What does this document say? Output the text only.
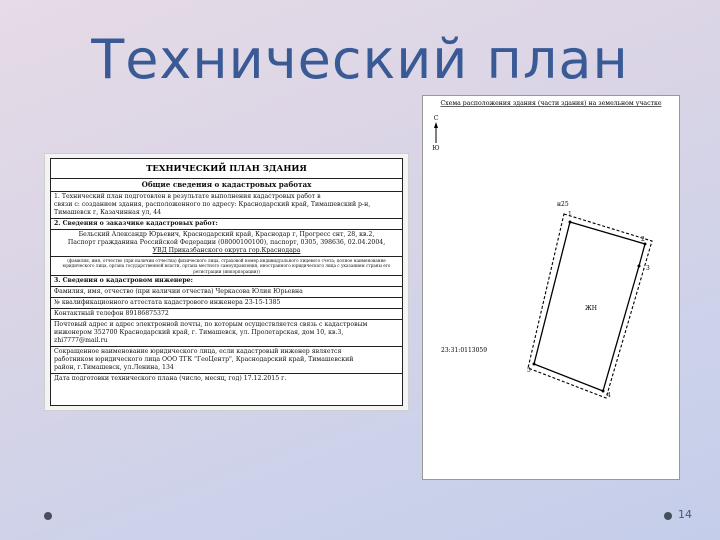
Технический план
ТЕХНИЧЕСКИЙ ПЛАН ЗДАНИЯ
Общие сведения о кадастровых работах
1. Технический план подготовлен в результате выполнения кадастровых работ в
связи с: созданием здания, расположенного по адресу: Краснодарский край, Тимашевский р-н,
Тимашевск г, Казачинная ул, 44
2. Сведения о заказчике кадастровых работ:
Бельский Александр Юрьевич, Краснодарский край, Краснодар г, Прогресс снт, 28, кв.2,
Паспорт гражданина Российской Федерации (08000100100), паспорт, 0305, 398636, 02.04.2004,
УВД Приказбанского округа гор.Краснодара
(фамилия, имя, отчество (при наличии отчества) физического лица, страховой номер индивидуального лицевого счета; полное наименование юридического лица, органа государственной власти, органа местного самоуправления, иностранного юридического лица с указанием страны его регистрации (инкорпорации))
3. Сведения о кадастровом инженере:
Фамилия, имя, отчество (при наличии отчества) Черкасова Юлия Юрьевна
№ квалификационного аттестата кадастрового инженера 23-15-1385
Контактный телефон 89186875372
Почтовый адрес и адрес электронной почты, по которым осуществляется связь с кадастровым
инженером 352700 Краснодарский край, г. Тимашевск, ул. Пролетарская, дом 10, кв.3,
zhi7777@mail.ru
Сокращенное наименование юридического лица, если кадастровый инженер является
работником юридического лица ООО ТГК "ГеоЦентр", Краснодарский край, Тимашевский
район, г.Тимашевск, ул.Ленина, 134
Дата подготовки технического плана (число, месяц, год) 17.12.2015 г.
Схема расположения здания (части здания) на земельном участке
С
Ю
1
2
3
4
5
н25
ЖН
23:31:0113059
14
